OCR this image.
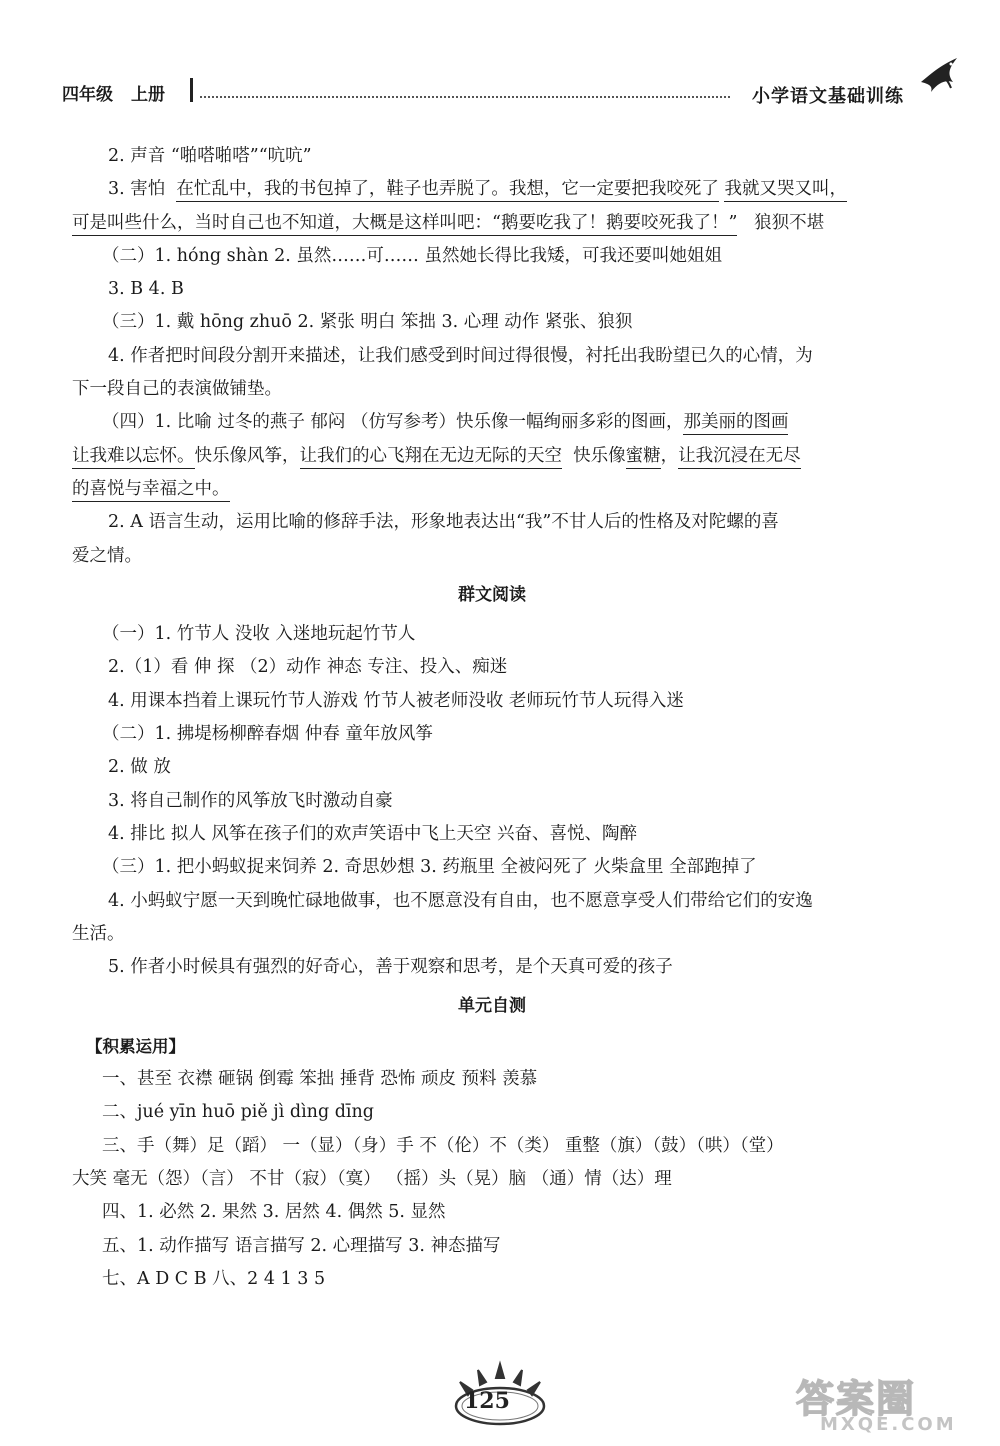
四年级 上册	小学语文基础训练
2. 声音 “啪嗒啪嗒”“吭吭”
3. 害怕 在忙乱中，我的书包掉了，鞋子也弄脱了。我想，它一定要把我咬死了 我就又哭又叫，
可是叫些什么，当时自己也不知道，大概是这样叫吧：“鹅要吃我了！鹅要咬死我了！” 狼狈不堪
（二）1. hóng shàn 2. 虽然……可…… 虽然她长得比我矮，可我还要叫她姐姐
3. B 4. B
（三）1. 戴 hōng zhuō 2. 紧张 明白 笨拙 3. 心理 动作 紧张、狼狈
4. 作者把时间段分割开来描述，让我们感受到时间过得很慢，衬托出我盼望已久的心情，为
下一段自己的表演做铺垫。
（四）1. 比喻 过冬的燕子 郁闷 （仿写参考）快乐像一幅绚丽多彩的图画，那美丽的图画
让我难以忘怀。快乐像风筝，让我们的心飞翔在无边无际的天空 快乐像蜜糖，让我沉浸在无尽
的喜悦与幸福之中。
2. A 语言生动，运用比喻的修辞手法，形象地表达出“我”不甘人后的性格及对陀螺的喜
爱之情。
群文阅读
（一）1. 竹节人 没收 入迷地玩起竹节人
2.（1）看 伸 探 （2）动作 神态 专注、投入、痴迷
4. 用课本挡着上课玩竹节人游戏 竹节人被老师没收 老师玩竹节人玩得入迷
（二）1. 拂堤杨柳醉春烟 仲春 童年放风筝
2. 做 放
3. 将自己制作的风筝放飞时激动自豪
4. 排比 拟人 风筝在孩子们的欢声笑语中飞上天空 兴奋、喜悦、陶醉
（三）1. 把小蚂蚁捉来饲养 2. 奇思妙想 3. 药瓶里 全被闷死了 火柴盒里 全部跑掉了
4. 小蚂蚁宁愿一天到晚忙碌地做事，也不愿意没有自由，也不愿意享受人们带给它们的安逸
生活。
5. 作者小时候具有强烈的好奇心，善于观察和思考，是个天真可爱的孩子
单元自测
【积累运用】
一、甚至 衣襟 砸锅 倒霉 笨拙 捶背 恐怖 顽皮 预料 羡慕
二、jué yīn huō piě jì dìng dīng
三、手（舞）足（蹈） 一（显）（身）手 不（伦）不（类） 重整（旗）（鼓）（哄）（堂）
大笑 毫无（怨）（言） 不甘（寂）（寞） （摇）头（晃）脑 （通）情（达）理
四、1. 必然 2. 果然 3. 居然 4. 偶然 5. 显然
五、1. 动作描写 语言描写 2. 心理描写 3. 神态描写
七、A D C B 八、2 4 1 3 5
125	答案圈
MXQE.COM
